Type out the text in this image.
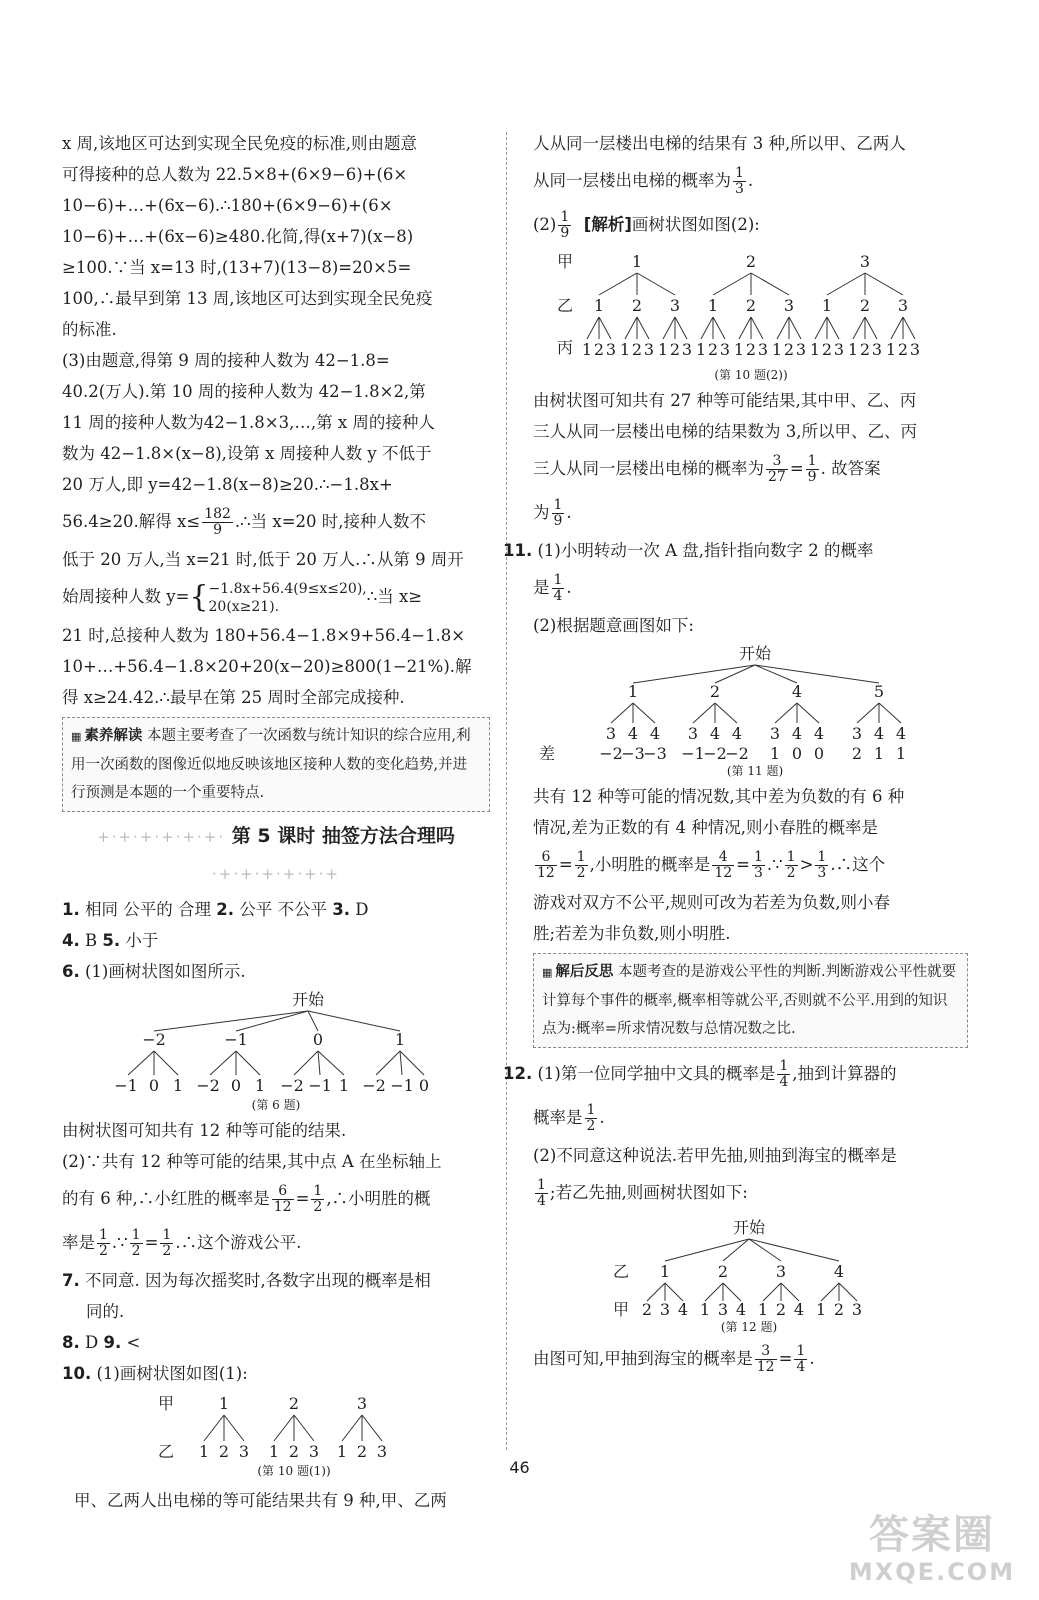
x 周,该地区可达到实现全民免疫的标准,则由题意
可得接种的总人数为 22.5×8+(6×9−6)+(6×
10−6)+…+(6x−6).∴180+(6×9−6)+(6×
10−6)+…+(6x−6)≥480.化简,得(x+7)(x−8)
≥100.∵当 x=13 时,(13+7)(13−8)=20×5=
100,∴最早到第 13 周,该地区可达到实现全民免疫
的标准.
(3)由题意,得第 9 周的接种人数为 42−1.8=
40.2(万人).第 10 周的接种人数为 42−1.8×2,第
11 周的接种人数为42−1.8×3,…,第 x 周的接种人
数为 42−1.8×(x−8),设第 x 周接种人数 y 不低于
20 万人,即 y=42−1.8(x−8)≥20.∴−1.8x+
56.4≥20.解得 $x\le \frac{182}{9}$ .∴当 x=20 时,接种人数不
低于 20 万人,当 x=21 时,低于 20 万人.∴从第 9 周开
始周接种人数 y={ −1.8x+56.4(9≤x≤20),
20(x≥21).
∴当 x≥
21 时,总接种人数为 180+56.4−1.8×9+56.4−1.8×
10+…+56.4−1.8×20+20(x−20)≥800(1−21%).解
得 x≥24.42.∴最早在第 25 周时全部完成接种.
▦ 素养解读 本题主要考查了一次函数与统计知识的综合应用,利用一次函数的图像近似地反映该地区接种人数的变化趋势,并进行预测是本题的一个重要特点.
+·+·+·+·+·+· 第 5 课时 抽签方法合理吗 ·+·+·+·+·+·+
1. 相同 公平的 合理 2. 公平 不公平 3. D
4. B 5. 小于
6. (1)画树状图如图所示.
开始
−2	−1	0	1
−1 0 1 −2 0 1 −2 −1 1 −2 −1 0
(第 6 题)
由树状图可知共有 12 种等可能的结果.
(2)∵共有 12 种等可能的结果,其中点 A 在坐标轴上
的有 6 种,∴小红胜的概率是 $\frac{6}{12} = \frac{1}{2}$ ,∴小明胜的概
率是 $\frac{1}{2}$ .∵ $\frac{1}{2} = \frac{1}{2}$ .∴这个游戏公平.
7. 不同意. 因为每次摇奖时,各数字出现的概率是相
同的.
8. D 9. <
10. (1)画树状图如图(1):
甲
乙
1	2	3
1 2 3 1 2 3 1 2 3
(第 10 题(1))
甲、乙两人出电梯的等可能结果共有 9 种,甲、乙两
人从同一层楼出电梯的结果有 3 种,所以甲、乙两人
从同一层楼出电梯的概率为 $\frac{1}{3}$ .
$(2) \frac{1}{9}$ [解析]画树状图如图(2):
甲
乙
丙
1	2	3
1 2 3 1 2 3 1 2 3
1 2 3 1 2 3 1 2 3 1 2 3 1 2 3 1 2 3 1 2 3 1 2 3 1 2 3
(第 10 题(2))
由树状图可知共有 27 种等可能结果,其中甲、乙、丙
三人从同一层楼出电梯的结果数为 3,所以甲、乙、丙
三人从同一层楼出电梯的概率为 $\frac{3}{27} = \frac{1}{9}$ . 故答案
为 $\frac{1}{9}$ .
11. (1)小明转动一次 A 盘,指针指向数字 2 的概率
是 $\frac{1}{4}$ .
(2)根据题意画图如下:
开始
1	2	4	5
3 4 4 3 4 4 3 4 4 3 4 4
差	−2
−3
−3 −1
−2
−2 1 0 0 2 1 1
(第 11 题)
共有 12 种等可能的情况数,其中差为负数的有 6 种
情况,差为正数的有 4 种情况,则小春胜的概率是
$\frac{6}{12} = \frac{1}{2}$ ,小明胜的概率是 $\frac{4}{12} = \frac{1}{3}$ .∵ $\frac{1}{2} > \frac{1}{3}$ .∴这个
游戏对双方不公平,规则可改为若差为负数,则小春
胜;若差为非负数,则小明胜.
▦ 解后反思 本题考查的是游戏公平性的判断.判断游戏公平性就要计算每个事件的概率,概率相等就公平,否则就不公平.用到的知识点为:概率=所求情况数与总情况数之比.
12. (1)第一位同学抽中文具的概率是 $\frac{1}{4}$ ,抽到计算器的
概率是 $\frac{1}{2}$ .
(2)不同意这种说法.若甲先抽,则抽到海宝的概率是
$\frac{1}{4}$ ;若乙先抽,则画树状图如下:
开始
乙
甲
1	2	3	4
2 3 4 1 3 4 1 2 4 1 2 3
(第 12 题)
由图可知,甲抽到海宝的概率是 $\frac{3}{12} = \frac{1}{4}$ .
46
答案圈
MXQE.COM
